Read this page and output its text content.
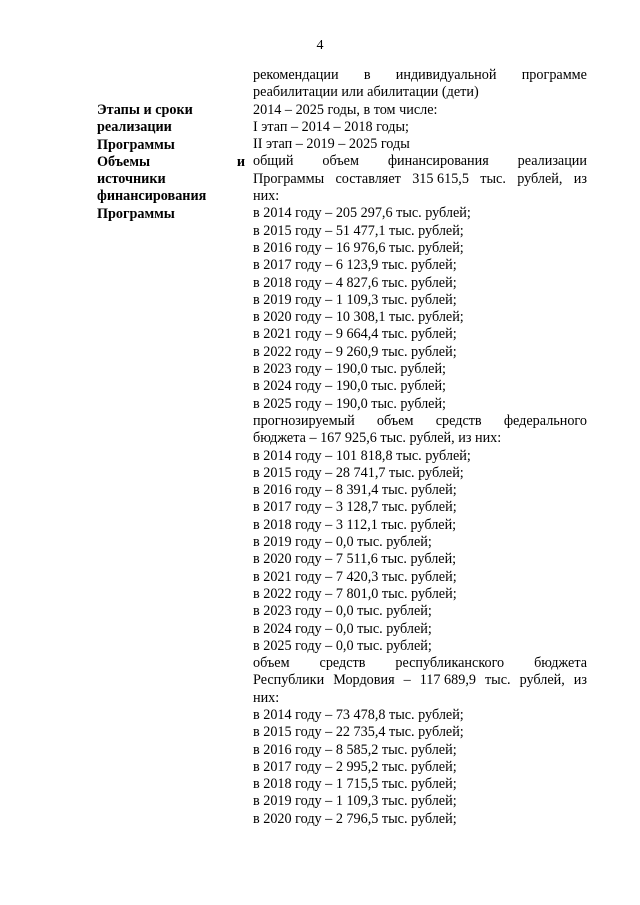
4
Этапы и сроки
реализации
Программы
Объемы	и
источники
финансирования
Программы
рекомендации в индивидуальной программе
реабилитации или абилитации (дети)
2014 – 2025 годы, в том числе:
I этап – 2014 – 2018 годы;
II этап – 2019 – 2025 годы
общий объем финансирования реализации
Программы составляет 315 615,5 тыс. рублей, из
них:
в 2014 году – 205 297,6 тыс. рублей;
в 2015 году – 51 477,1 тыс. рублей;
в 2016 году – 16 976,6 тыс. рублей;
в 2017 году – 6 123,9 тыс. рублей;
в 2018 году – 4 827,6 тыс. рублей;
в 2019 году – 1 109,3 тыс. рублей;
в 2020 году – 10 308,1 тыс. рублей;
в 2021 году – 9 664,4 тыс. рублей;
в 2022 году – 9 260,9 тыс. рублей;
в 2023 году – 190,0 тыс. рублей;
в 2024 году – 190,0 тыс. рублей;
в 2025 году – 190,0 тыс. рублей;
прогнозируемый объем средств федерального
бюджета – 167 925,6 тыс. рублей, из них:
в 2014 году – 101 818,8 тыс. рублей;
в 2015 году – 28 741,7 тыс. рублей;
в 2016 году – 8 391,4 тыс. рублей;
в 2017 году – 3 128,7 тыс. рублей;
в 2018 году – 3 112,1 тыс. рублей;
в 2019 году – 0,0 тыс. рублей;
в 2020 году – 7 511,6 тыс. рублей;
в 2021 году – 7 420,3 тыс. рублей;
в 2022 году – 7 801,0 тыс. рублей;
в 2023 году – 0,0 тыс. рублей;
в 2024 году – 0,0 тыс. рублей;
в 2025 году – 0,0 тыс. рублей;
объем средств республиканского бюджета
Республики Мордовия – 117 689,9 тыс. рублей, из
них:
в 2014 году – 73 478,8 тыс. рублей;
в 2015 году – 22 735,4 тыс. рублей;
в 2016 году – 8 585,2 тыс. рублей;
в 2017 году – 2 995,2 тыс. рублей;
в 2018 году – 1 715,5 тыс. рублей;
в 2019 году – 1 109,3 тыс. рублей;
в 2020 году – 2 796,5 тыс. рублей;
